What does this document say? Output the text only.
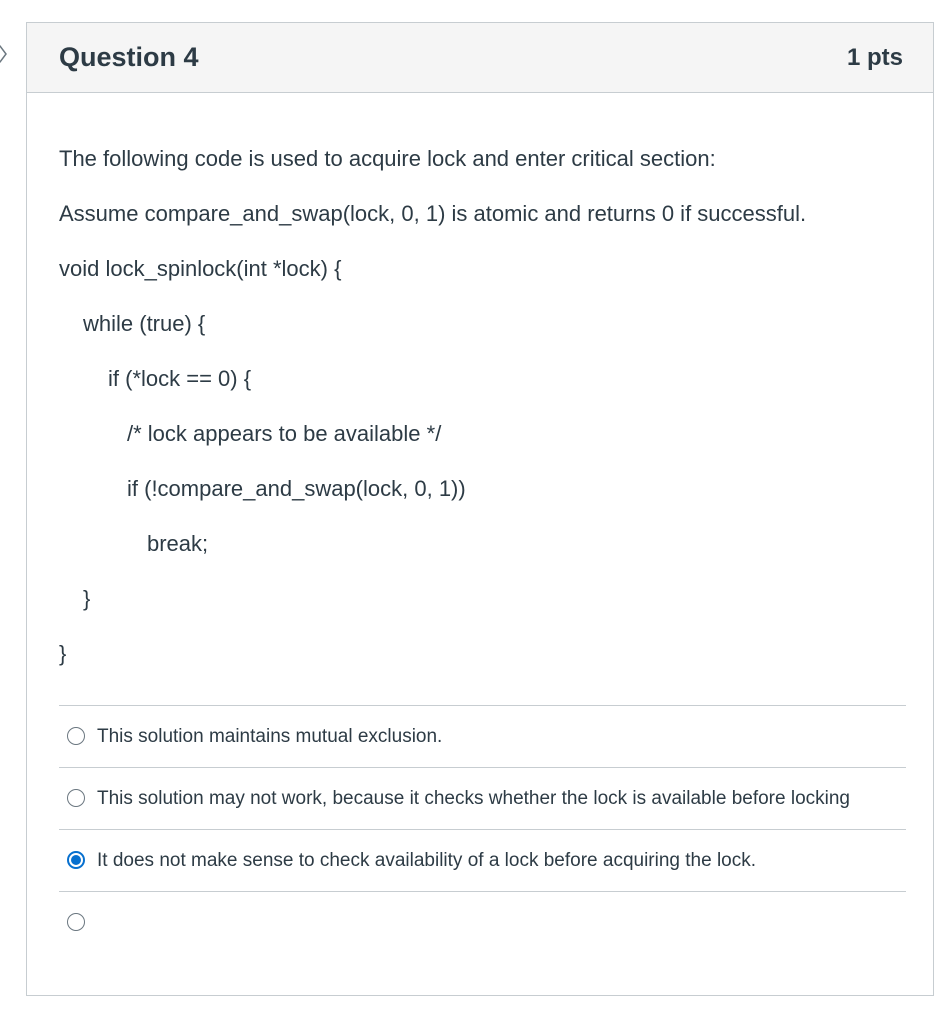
Question 4	1 pts
The following code is used to acquire lock and enter critical section:
Assume compare_and_swap(lock, 0, 1) is atomic and returns 0 if successful.
void lock_spinlock(int *lock) {
while (true) {
if (*lock == 0) {
/* lock appears to be available */
if (!compare_and_swap(lock, 0, 1))
break;
}
}
This solution maintains mutual exclusion.
This solution may not work, because it checks whether the lock is available before locking
It does not make sense to check availability of a lock before acquiring the lock.
